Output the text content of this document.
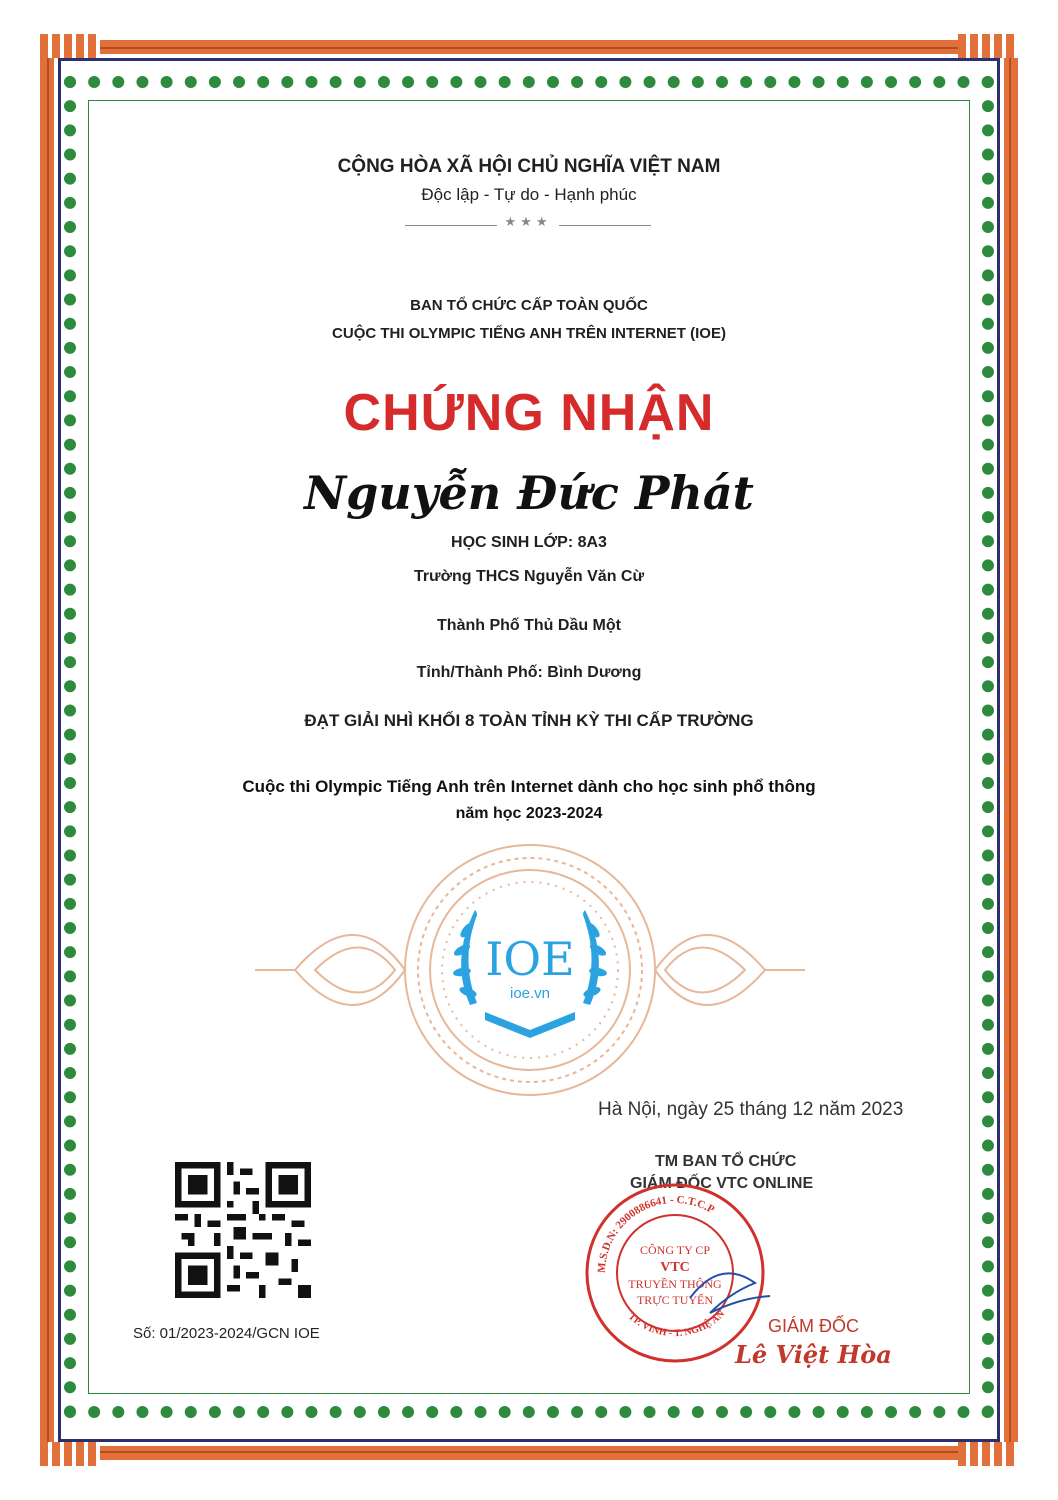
CỘNG HÒA XÃ HỘI CHỦ NGHĨA VIỆT NAM
Độc lập - Tự do - Hạnh phúc
★★★
BAN TỔ CHỨC CẤP TOÀN QUỐC
CUỘC THI OLYMPIC TIẾNG ANH TRÊN INTERNET (IOE)
CHỨNG NHẬN
Nguyễn Đức Phát
HỌC SINH LỚP: 8A3
Trường THCS Nguyễn Văn Cừ
Thành Phố Thủ Dầu Một
Tỉnh/Thành Phố: Bình Dương
ĐẠT GIẢI NHÌ KHỐI 8 TOÀN TỈNH KỲ THI CẤP TRƯỜNG
Cuộc thi Olympic Tiếng Anh trên Internet dành cho học sinh phổ thông
năm học 2023-2024
IOE
ioe.vn
Hà Nội, ngày 25 tháng 12 năm 2023
TM BAN TỔ CHỨC
GIÁM ĐỐC VTC ONLINE
M.S.D.N: 2900886641 - C.T.C.P
TP. VINH - T. NGHỆ AN
CÔNG TY CP
VTC
TRUYỀN THÔNG
TRỰC TUYẾN
GIÁM ĐỐC
Lê Việt Hòa
Số: 01/2023-2024/GCN IOE
